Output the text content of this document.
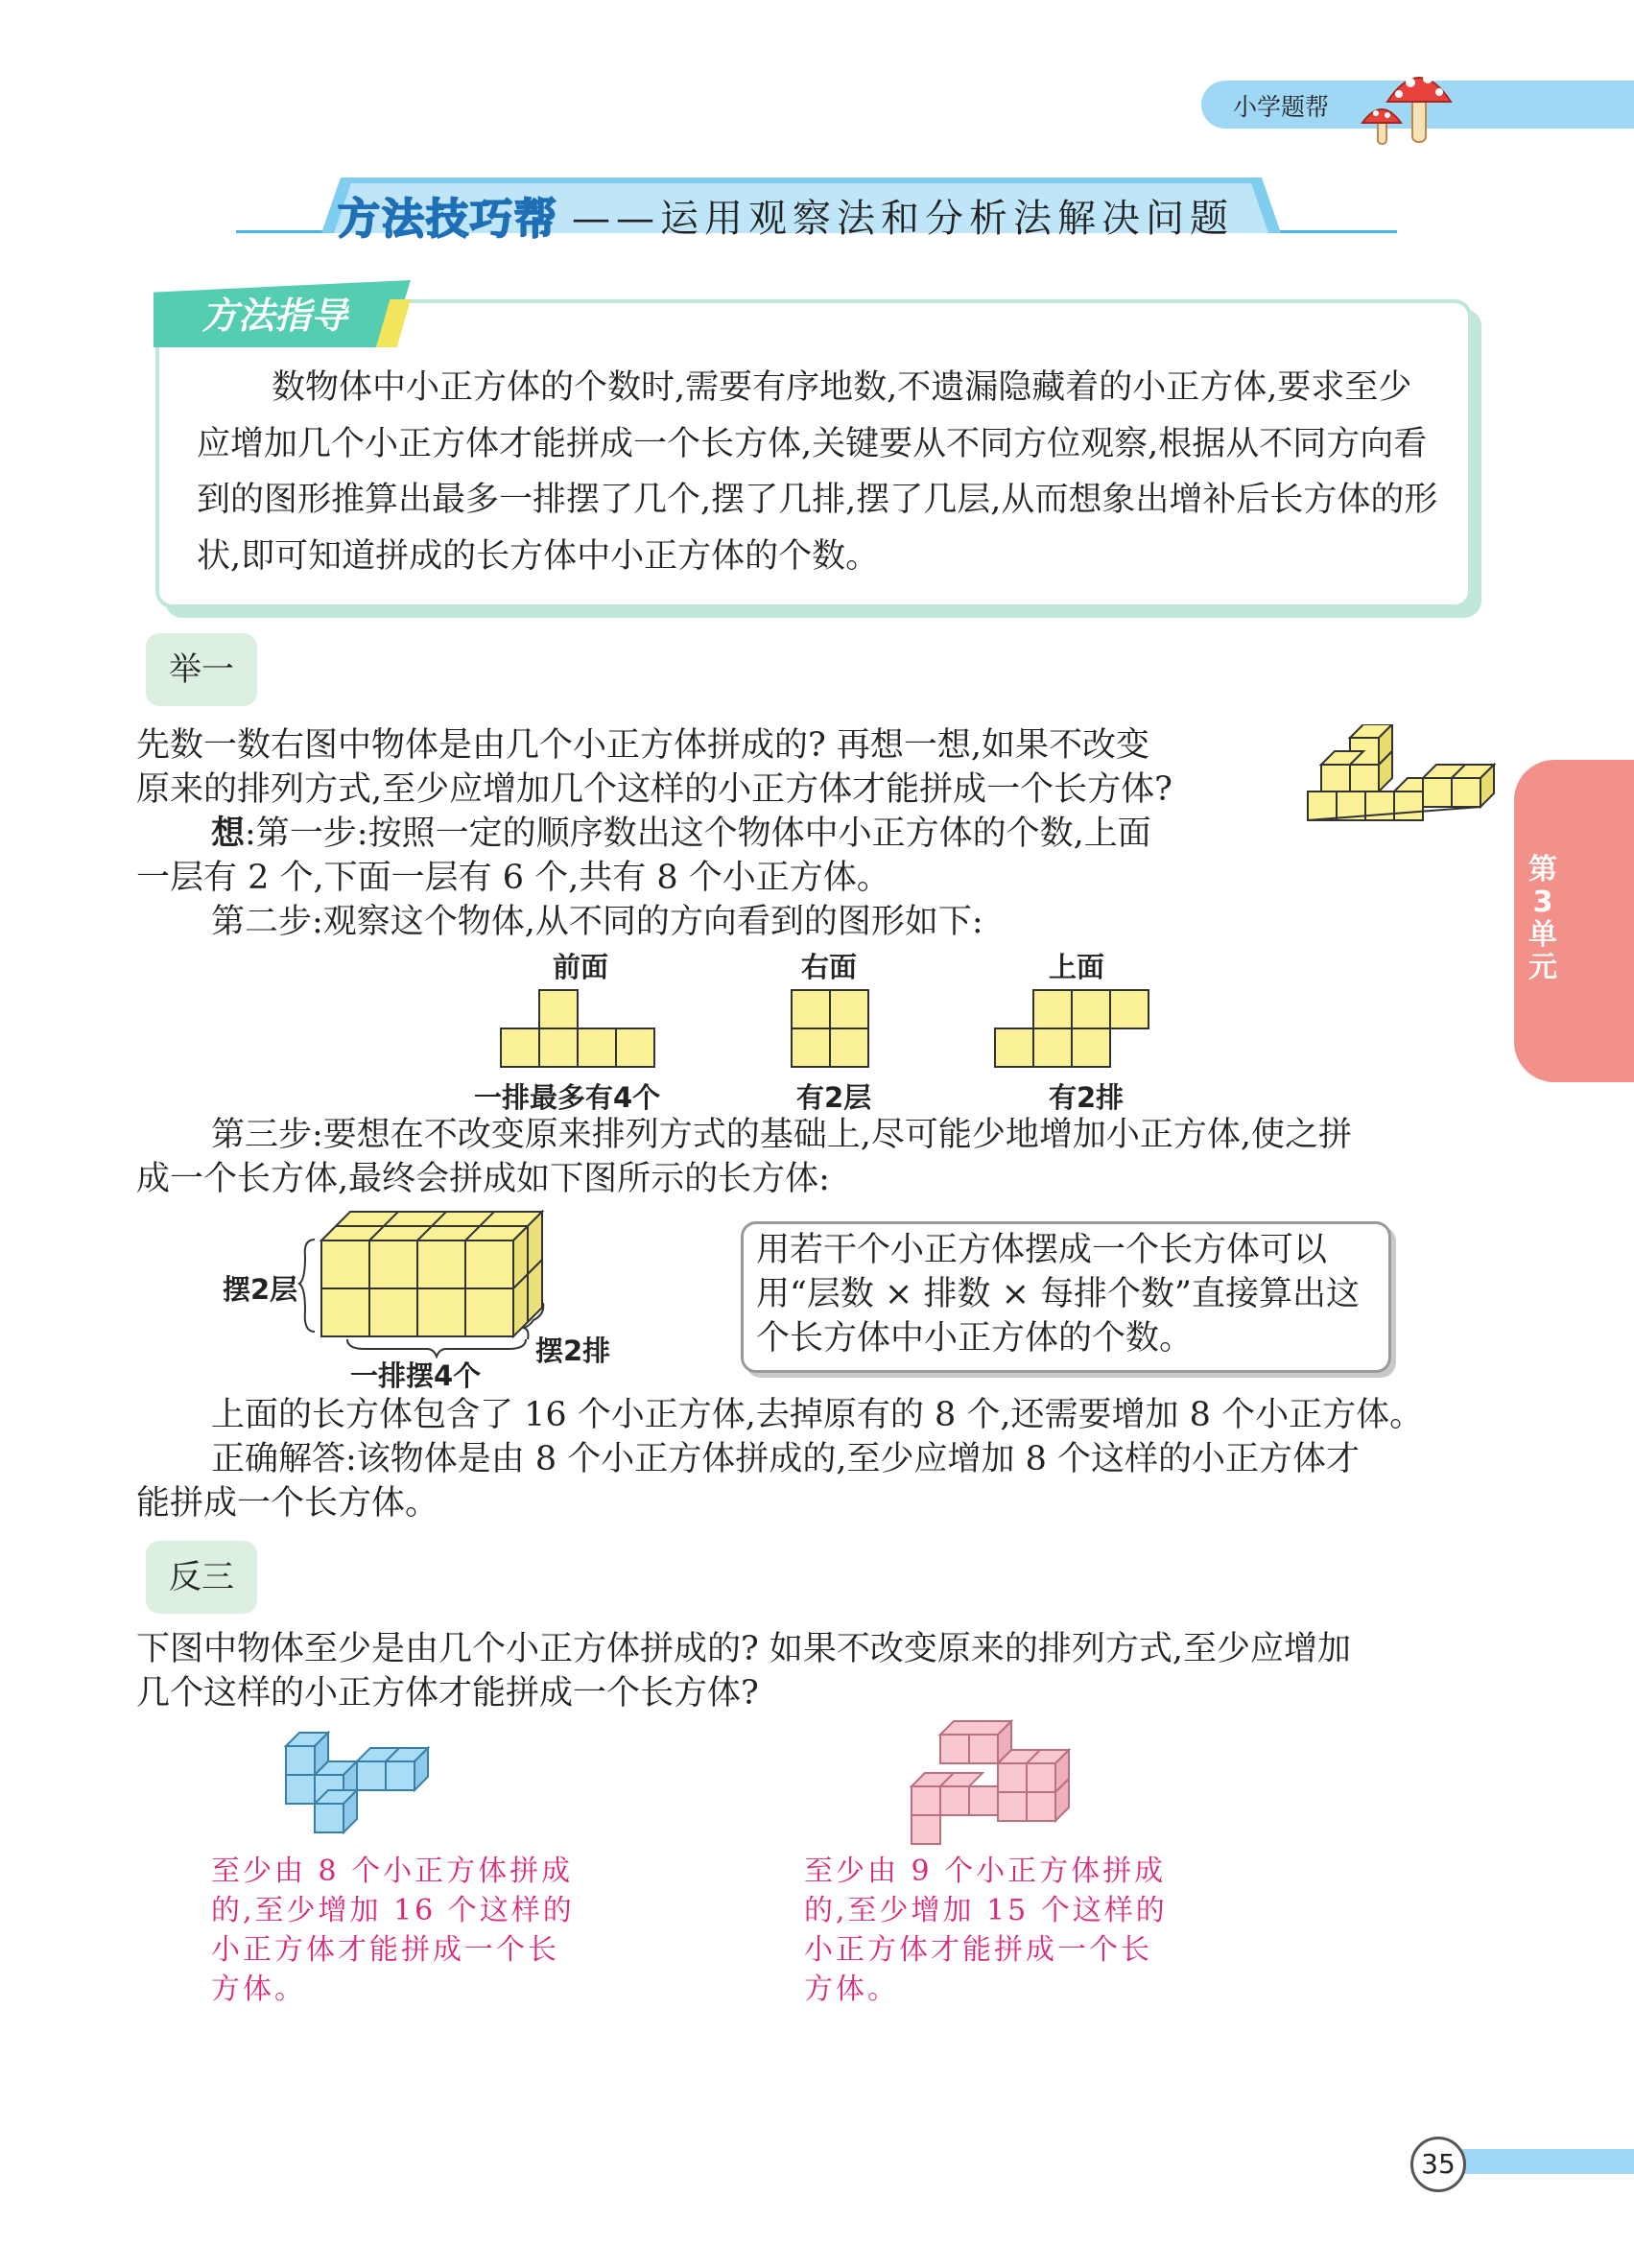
小学题帮
方法技巧帮 ——运用观察法和分析法解决问题
方法指导
数物体中小正方体的个数时,需要有序地数,不遗漏隐藏着的小正方体,要求至少应增加几个小正方体才能拼成一个长方体,关键要从不同方位观察,根据从不同方向看到的图形推算出最多一排摆了几个,摆了几排,摆了几层,从而想象出增补后长方体的形状,即可知道拼成的长方体中小正方体的个数。
第3单元
举一
先数一数右图中物体是由几个小正方体拼成的? 再想一想,如果不改变
原来的排列方式,至少应增加几个这样的小正方体才能拼成一个长方体?
想:第一步:按照一定的顺序数出这个物体中小正方体的个数,上面
一层有 2 个,下面一层有 6 个,共有 8 个小正方体。
第二步:观察这个物体,从不同的方向看到的图形如下:
前面	右面	上面
一排最多有4个	有2层	有2排
第三步:要想在不改变原来排列方式的基础上,尽可能少地增加小正方体,使之拼
成一个长方体,最终会拼成如下图所示的长方体:
摆2层
摆2排
一排摆4个
用若干个小正方体摆成一个长方体可以用“层数 × 排数 × 每排个数”直接算出这个长方体中小正方体的个数。
上面的长方体包含了 16 个小正方体,去掉原有的 8 个,还需要增加 8 个小正方体。
正确解答:该物体是由 8 个小正方体拼成的,至少应增加 8 个这样的小正方体才
能拼成一个长方体。
反三
下图中物体至少是由几个小正方体拼成的? 如果不改变原来的排列方式,至少应增加
几个这样的小正方体才能拼成一个长方体?
至少由 8 个小正方体拼成
的,至少增加 16 个这样的
小正方体才能拼成一个长
方体。
至少由 9 个小正方体拼成
的,至少增加 15 个这样的
小正方体才能拼成一个长
方体。
35
